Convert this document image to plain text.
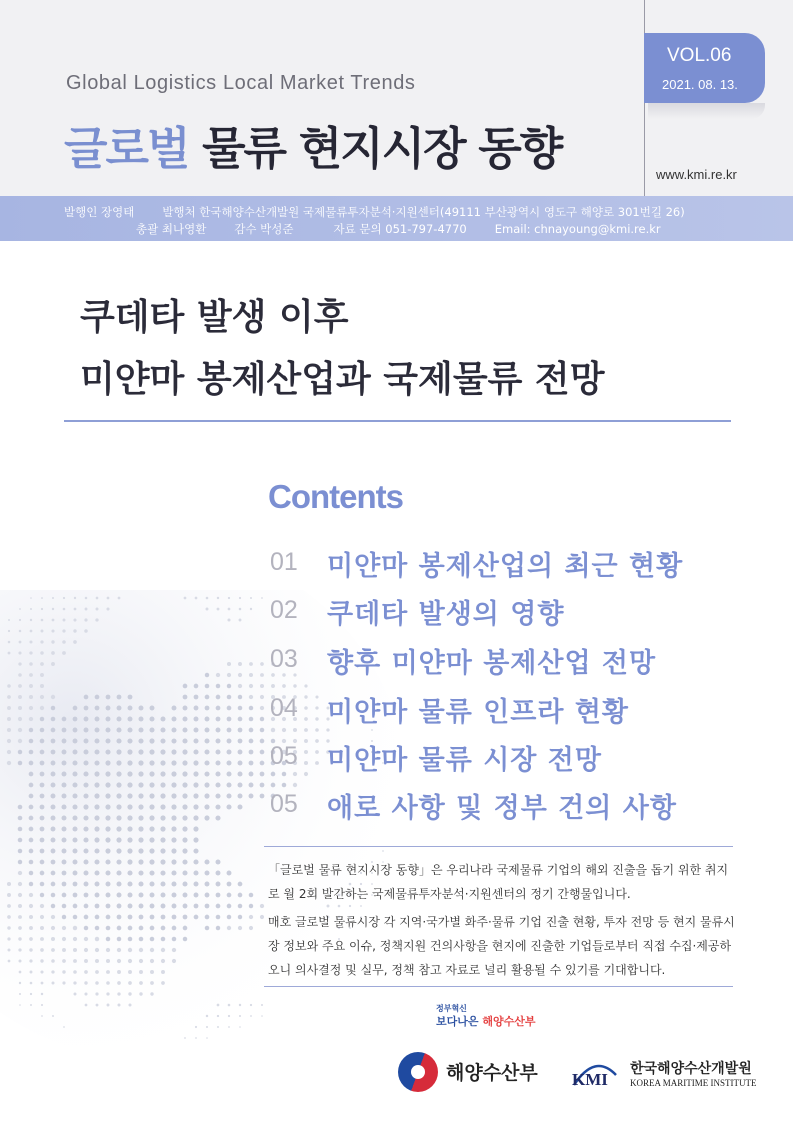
Global Logistics Local Market Trends
글로벌 물류 현지시장 동향
VOL.06
2021. 08. 13.
www.kmi.re.kr
발행인 장영태 발행처 한국해양수산개발원 국제물류투자분석·지원센터(49111 부산광역시 영도구 해양로 301번길 26)
총괄 최나영환 감수 박성준	자료 문의 051-797-4770 Email: chnayoung@kmi.re.kr
쿠데타 발생 이후
미얀마 봉제산업과 국제물류 전망
Contents
01 미얀마 봉제산업의 최근 현황
02 쿠데타 발생의 영향
03 향후 미얀마 봉제산업 전망
04 미얀마 물류 인프라 현황
05 미얀마 물류 시장 전망
05 애로 사항 및 정부 건의 사항
「글로벌 물류 현지시장 동향」은 우리나라 국제물류 기업의 해외 진출을 돕기 위한 취지로 월 2회 발간하는 국제물류투자분석·지원센터의 정기 간행물입니다.
매호 글로벌 물류시장 각 지역·국가별 화주·물류 기업 진출 현황, 투자 전망 등 현지 물류시장 정보와 주요 이슈, 정책지원 건의사항을 현지에 진출한 기업들로부터 직접 수집·제공하오니 의사결정 및 실무, 정책 참고 자료로 널리 활용될 수 있기를 기대합니다.
정부혁신
보다나은 해양수산부
해양수산부 KMI
한국해양수산개발원
KOREA MARITIME INSTITUTE
